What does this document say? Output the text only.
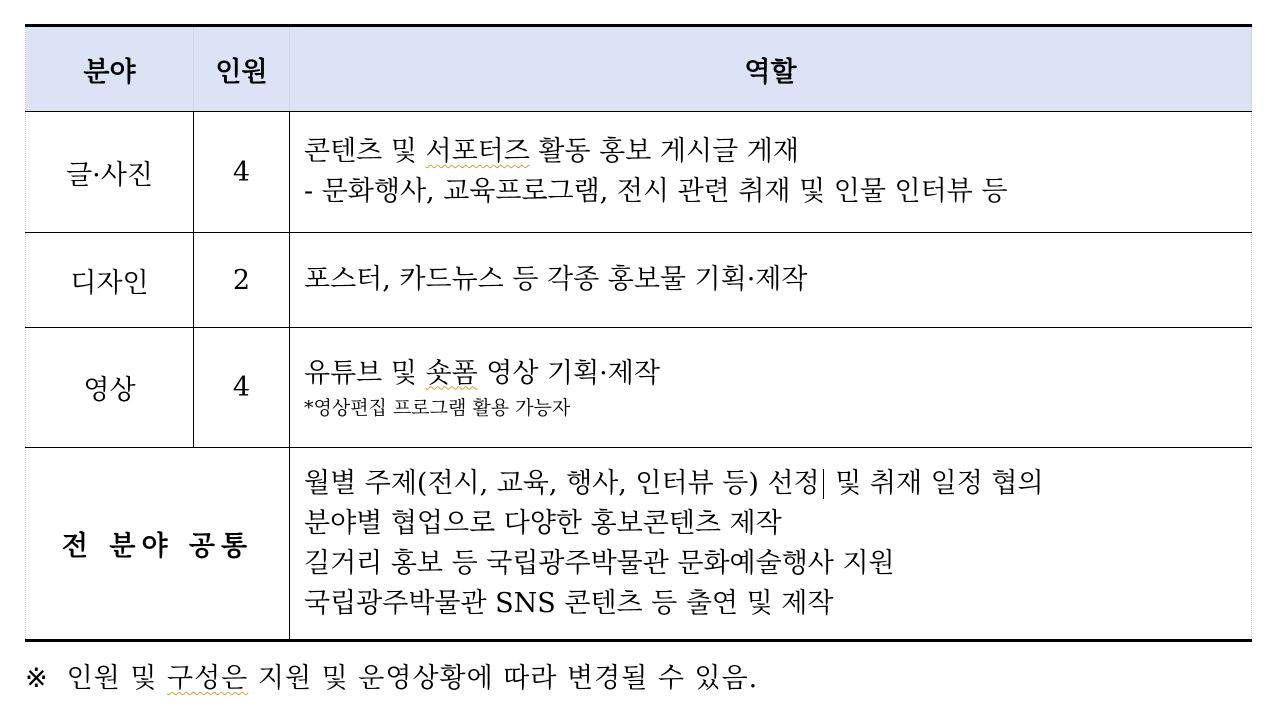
분야	인원	역할
글·사진	4	콘텐츠 및 서포터즈 활동 홍보 게시글 게재
- 문화행사, 교육프로그램, 전시 관련 취재 및 인물 인터뷰 등

디자인	2	포스터, 카드뉴스 등 각종 홍보물 기획·제작

영상	4	유튜브 및 숏폼 영상 기획·제작
*영상편집 프로그램 활용 가능자

전 분야 공통		월별 주제(전시, 교육, 행사, 인터뷰 등) 선정 및 취재 일정 협의
분야별 협업으로 다양한 홍보콘텐츠 제작
길거리 홍보 등 국립광주박물관 문화예술행사 지원
국립광주박물관 SNS 콘텐츠 등 출연 및 제작
※ 인원 및 구성은 지원 및 운영상황에 따라 변경될 수 있음.
